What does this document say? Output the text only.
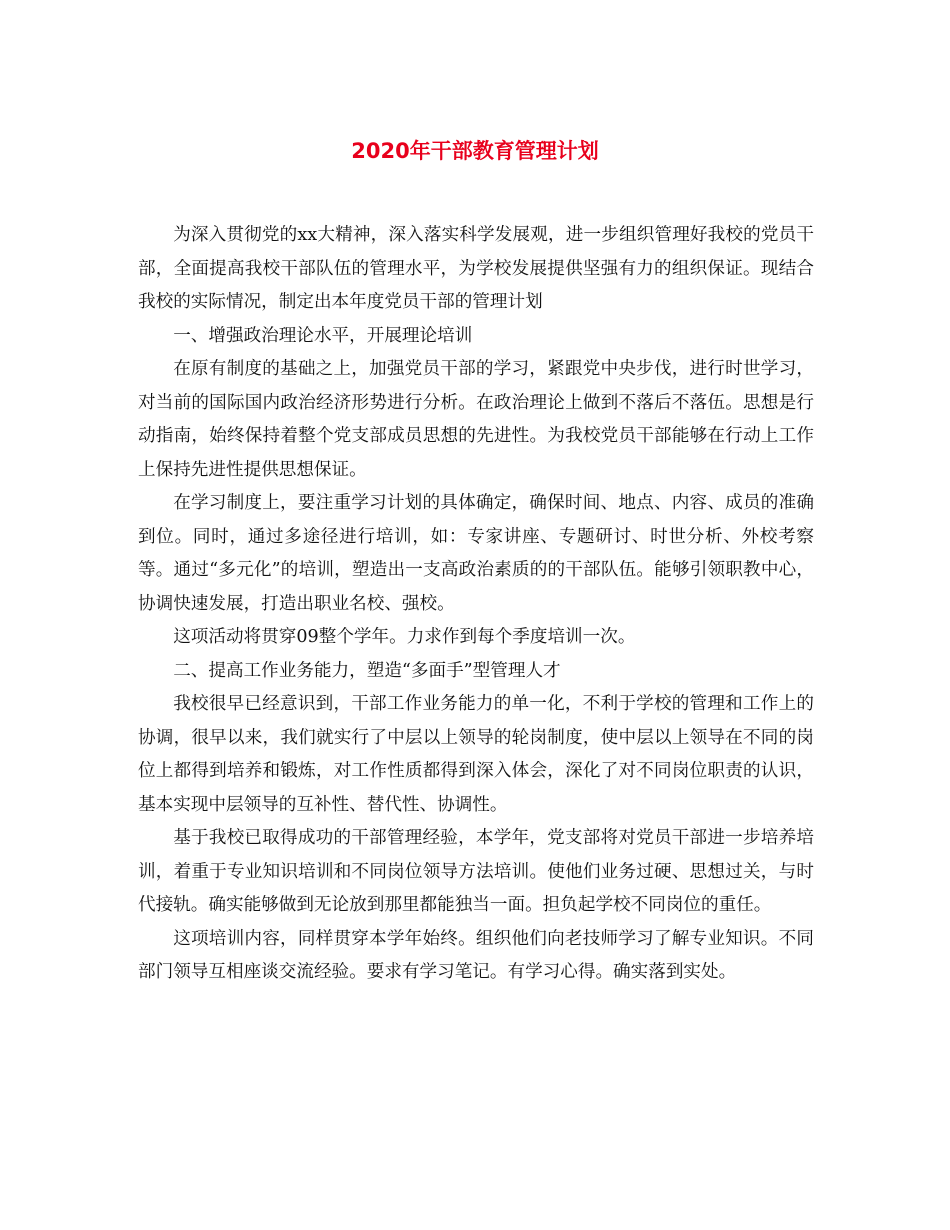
2020年干部教育管理计划

为深入贯彻党的xx大精神，深入落实科学发展观，进一步组织管理好我校的党员干部，全面提高我校干部队伍的管理水平，为学校发展提供坚强有力的组织保证。现结合我校的实际情况，制定出本年度党员干部的管理计划

一、增强政治理论水平，开展理论培训

在原有制度的基础之上，加强党员干部的学习，紧跟党中央步伐，进行时世学习，对当前的国际国内政治经济形势进行分析。在政治理论上做到不落后不落伍。思想是行动指南，始终保持着整个党支部成员思想的先进性。为我校党员干部能够在行动上工作上保持先进性提供思想保证。

在学习制度上，要注重学习计划的具体确定，确保时间、地点、内容、成员的准确到位。同时，通过多途径进行培训，如：专家讲座、专题研讨、时世分析、外校考察等。通过“多元化”的培训，塑造出一支高政治素质的的干部队伍。能够引领职教中心，协调快速发展，打造出职业名校、强校。

这项活动将贯穿09整个学年。力求作到每个季度培训一次。

二、提高工作业务能力，塑造“多面手”型管理人才

我校很早已经意识到，干部工作业务能力的单一化，不利于学校的管理和工作上的协调，很早以来，我们就实行了中层以上领导的轮岗制度，使中层以上领导在不同的岗位上都得到培养和锻炼，对工作性质都得到深入体会，深化了对不同岗位职责的认识，基本实现中层领导的互补性、替代性、协调性。

基于我校已取得成功的干部管理经验，本学年，党支部将对党员干部进一步培养培训，着重于专业知识培训和不同岗位领导方法培训。使他们业务过硬、思想过关，与时代接轨。确实能够做到无论放到那里都能独当一面。担负起学校不同岗位的重任。

这项培训内容，同样贯穿本学年始终。组织他们向老技师学习了解专业知识。不同部门领导互相座谈交流经验。要求有学习笔记。有学习心得。确实落到实处。
